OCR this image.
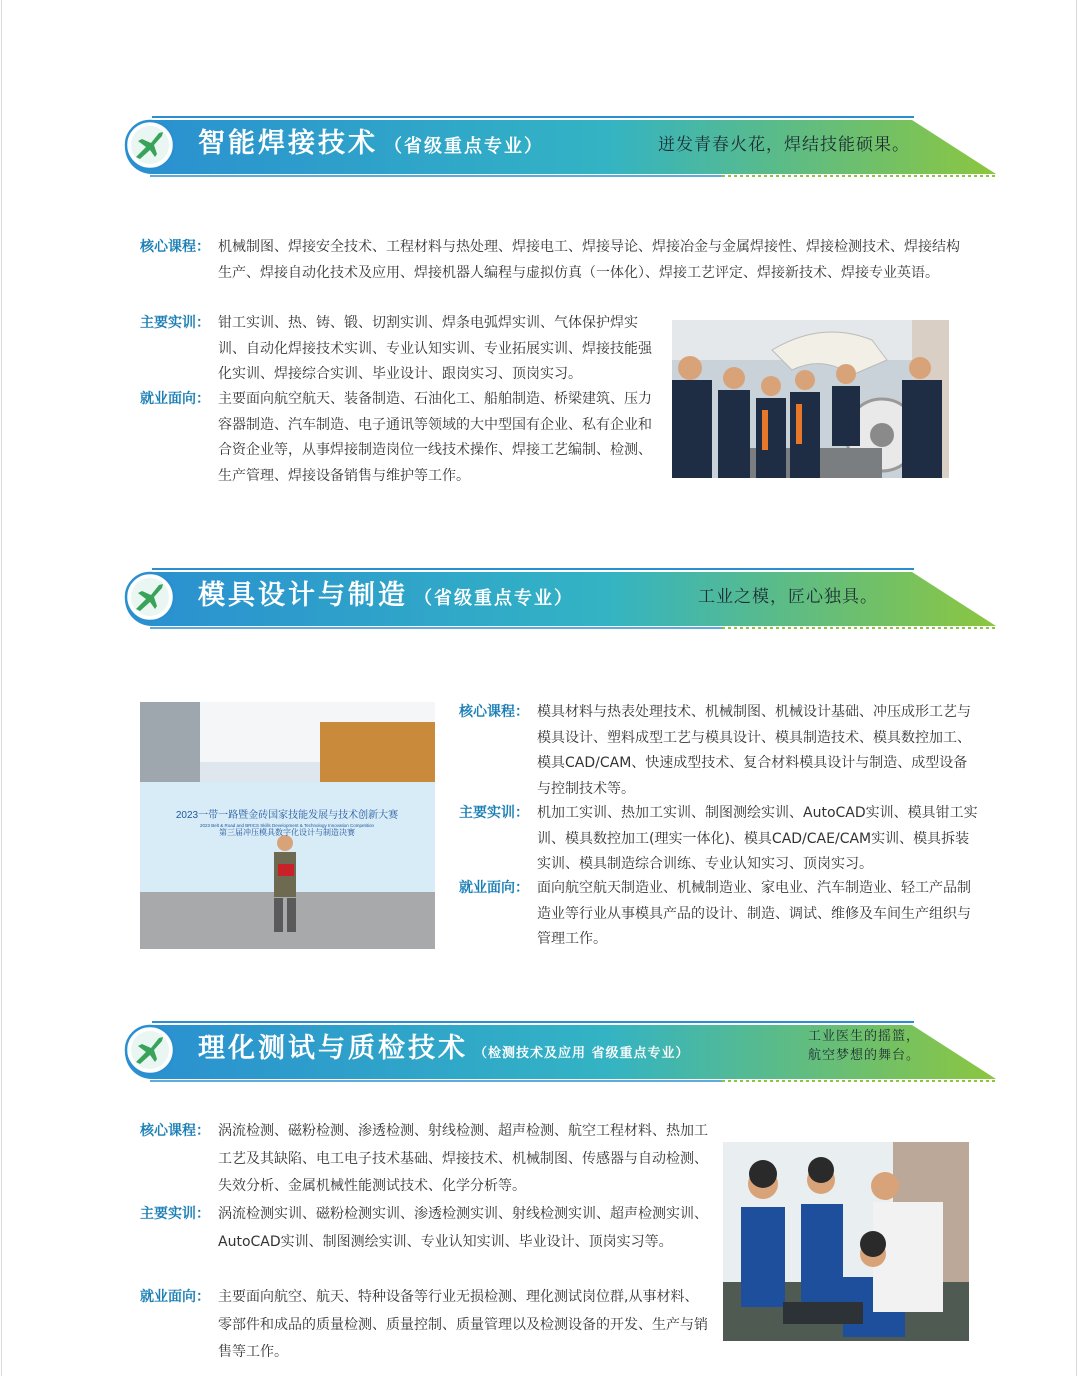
智能焊接技术 （省级重点专业）	迸发青春火花，焊结技能硕果。
核心课程： 机械制图、焊接安全技术、工程材料与热处理、焊接电工、焊接导论、焊接冶金与金属焊接性、焊接检测技术、焊接结构生产、焊接自动化技术及应用、焊接机器人编程与虚拟仿真（一体化）、焊接工艺评定、焊接新技术、焊接专业英语。
主要实训： 钳工实训、热、铸、锻、切割实训、焊条电弧焊实训、气体保护焊实训、自动化焊接技术实训、专业认知实训、专业拓展实训、焊接技能强化实训、焊接综合实训、毕业设计、跟岗实习、顶岗实习。
就业面向： 主要面向航空航天、装备制造、石油化工、船舶制造、桥梁建筑、压力容器制造、汽车制造、电子通讯等领域的大中型国有企业、私有企业和合资企业等，从事焊接制造岗位一线技术操作、焊接工艺编制、检测、生产管理、焊接设备销售与维护等工作。
模具设计与制造 （省级重点专业）	工业之模，匠心独具。
2023一带一路暨金砖国家技能发展与技术创新大赛
2023 Belt & Road and BRICS Skills Development & Technology Innovation Competition
第三届冲压模具数字化设计与制造决赛
核心课程： 模具材料与热表处理技术、机械制图、机械设计基础、冲压成形工艺与模具设计、塑料成型工艺与模具设计、模具制造技术、模具数控加工、模具CAD/CAM、快速成型技术、复合材料模具设计与制造、成型设备与控制技术等。
主要实训： 机加工实训、热加工实训、制图测绘实训、AutoCAD实训、模具钳工实训、模具数控加工(理实一体化)、模具CAD/CAE/CAM实训、模具拆装实训、模具制造综合训练、专业认知实习、顶岗实习。
就业面向： 面向航空航天制造业、机械制造业、家电业、汽车制造业、轻工产品制造业等行业从事模具产品的设计、制造、调试、维修及车间生产组织与管理工作。
理化测试与质检技术 （检测技术及应用 省级重点专业）
工业医生的摇篮，
航空梦想的舞台。
核心课程： 涡流检测、磁粉检测、渗透检测、射线检测、超声检测、航空工程材料、热加工工艺及其缺陷、电工电子技术基础、焊接技术、机械制图、传感器与自动检测、失效分析、金属机械性能测试技术、化学分析等。
主要实训： 涡流检测实训、磁粉检测实训、渗透检测实训、射线检测实训、超声检测实训、AutoCAD实训、制图测绘实训、专业认知实训、毕业设计、顶岗实习等。
就业面向： 主要面向航空、航天、特种设备等行业无损检测、理化测试岗位群,从事材料、零部件和成品的质量检测、质量控制、质量管理以及检测设备的开发、生产与销售等工作。
